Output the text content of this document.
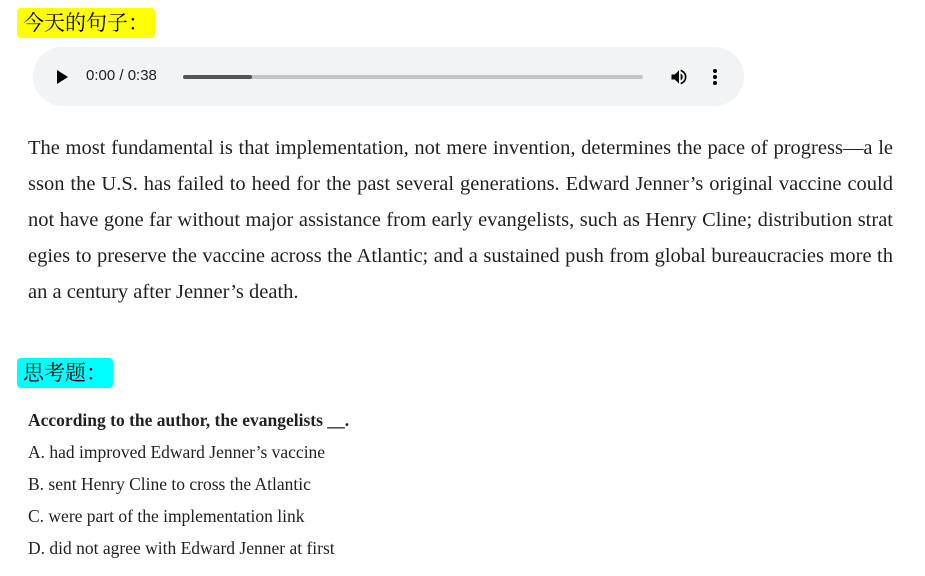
今天的句子：
0:00 / 0:38
The most fundamental is that implementation, not mere invention, determines the pace of progress—a lesson the U.S. has failed to heed for the past several generations. Edward Jenner’s original vaccine could not have gone far without major assistance from early evangelists, such as Henry Cline; distribution strategies to preserve the vaccine across the Atlantic; and a sustained push from global bureaucracies more than a century after Jenner’s death.
思考题：
According to the author, the evangelists __.
A. had improved Edward Jenner’s vaccine
B. sent Henry Cline to cross the Atlantic
C. were part of the implementation link
D. did not agree with Edward Jenner at first
